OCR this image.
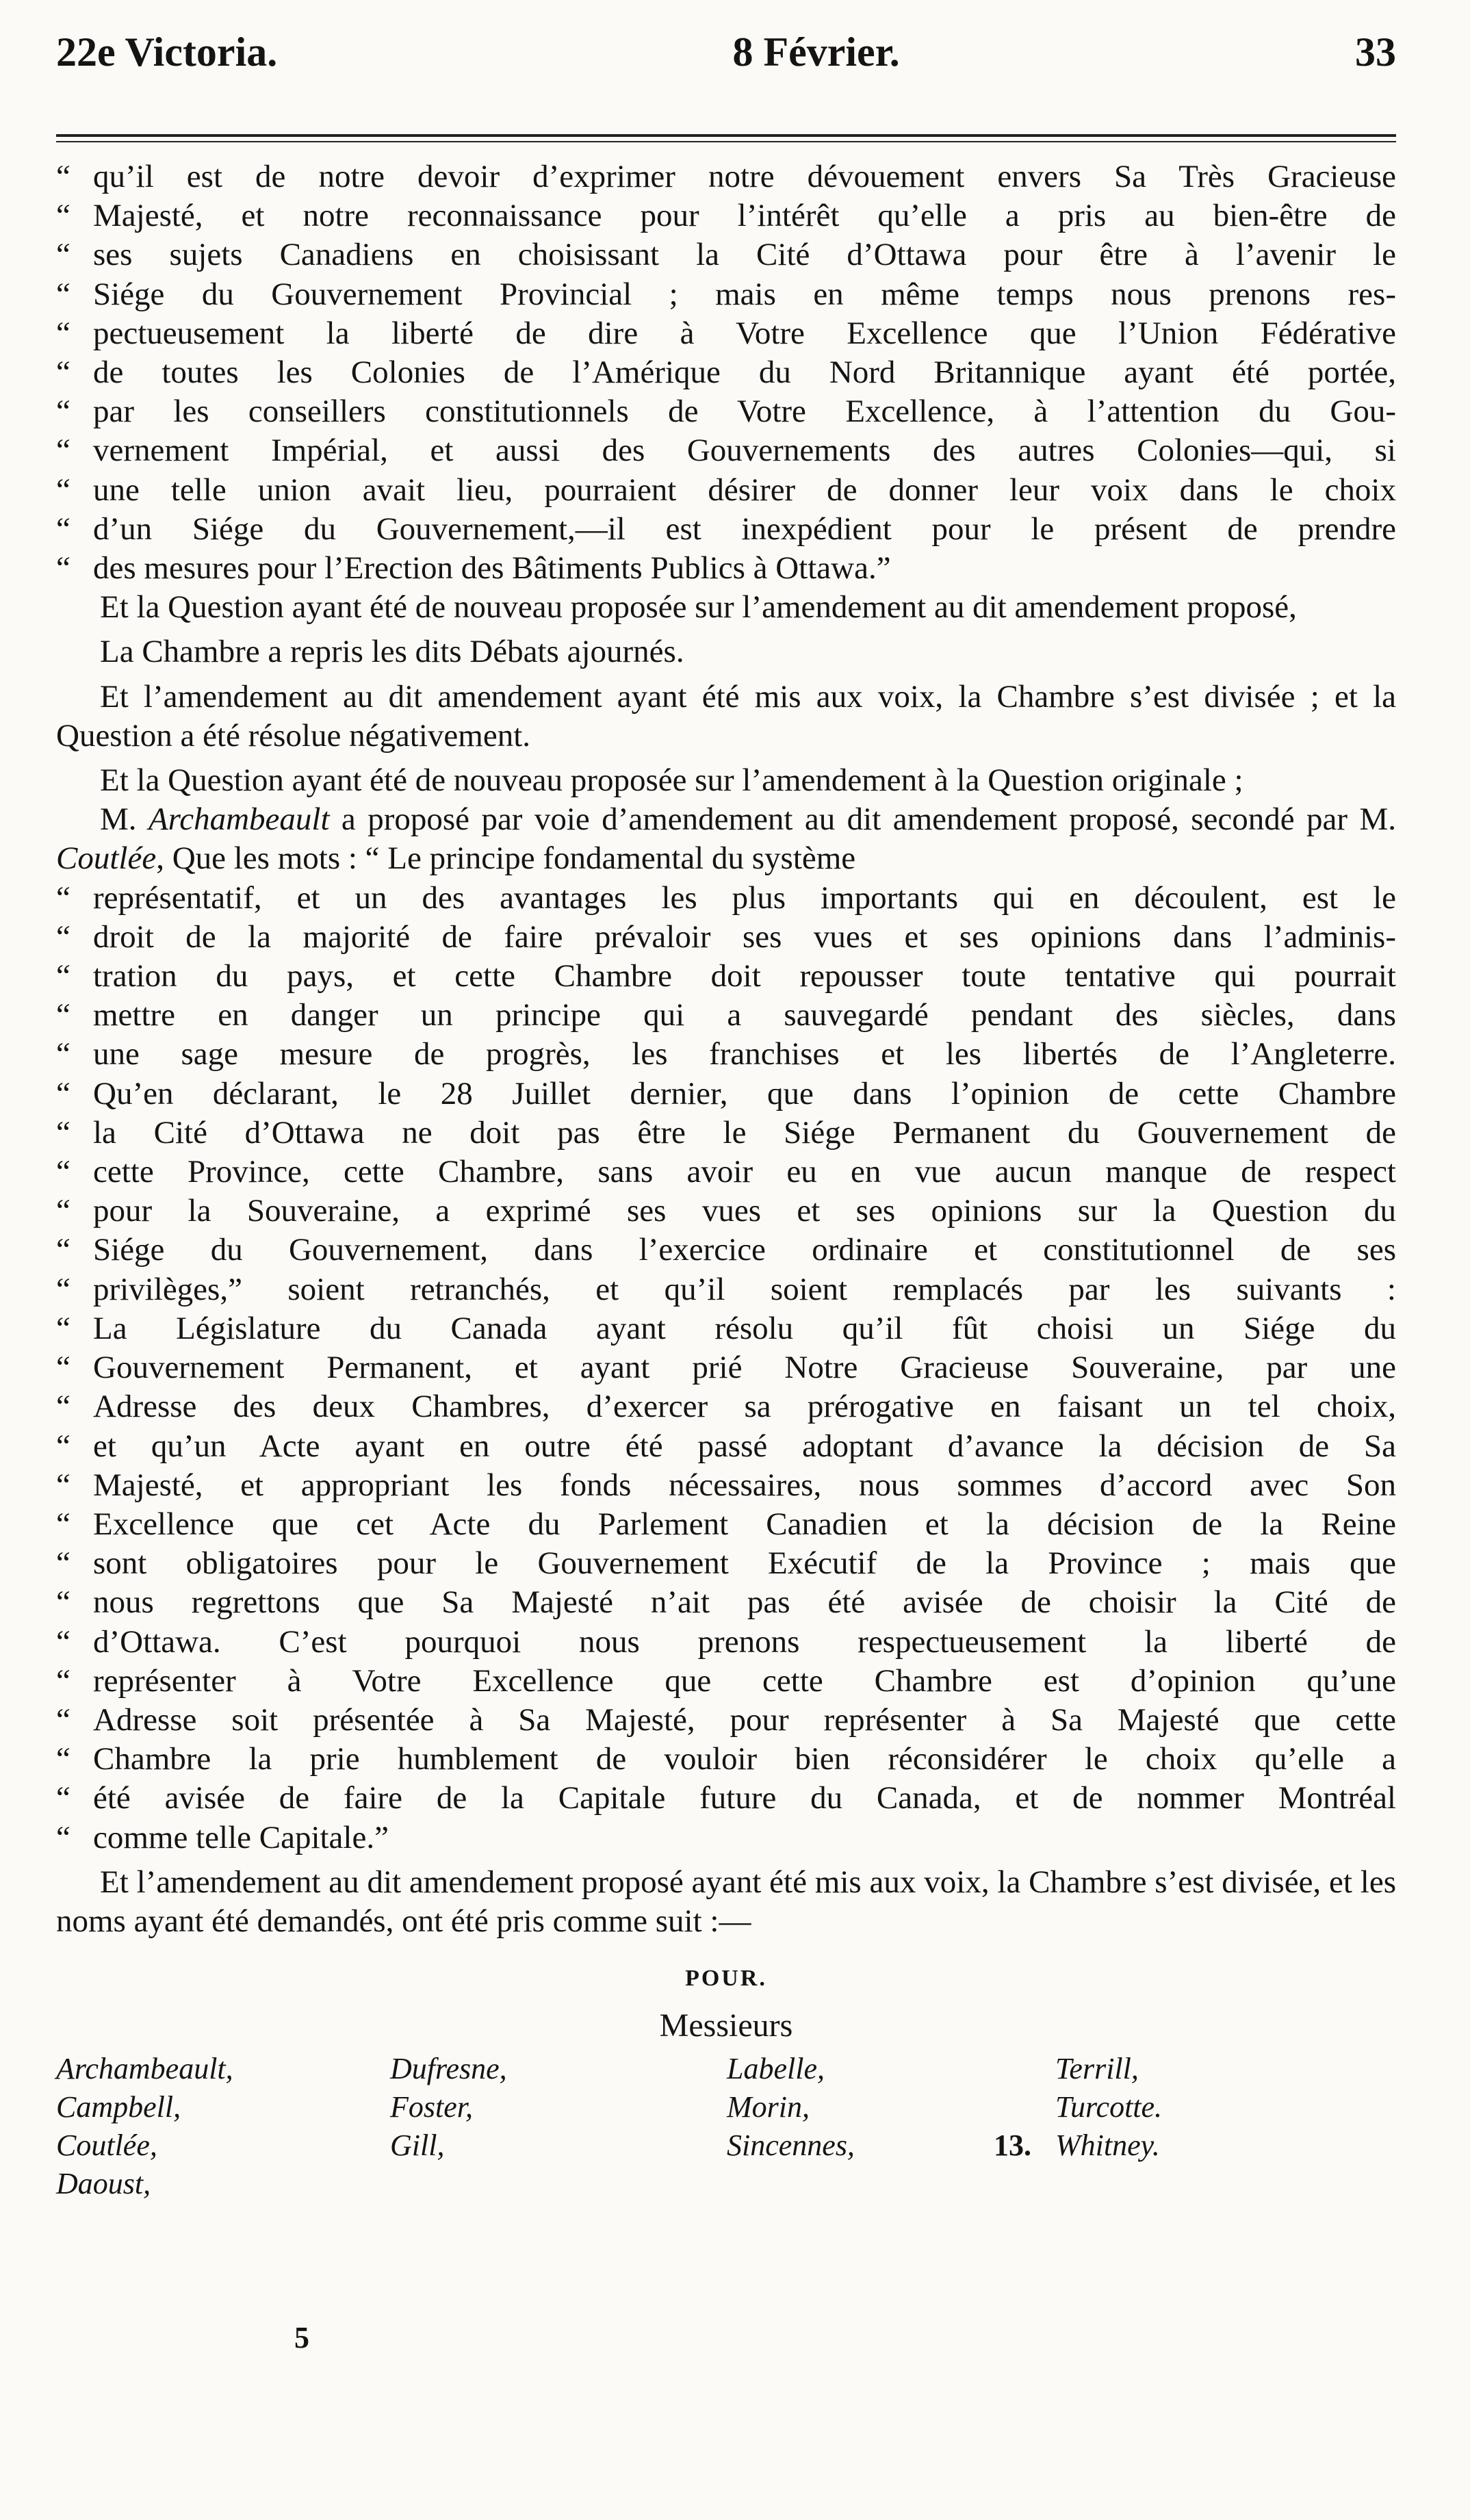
22e Victoria.	8 Février.	33
“ qu’il est de notre devoir d’exprimer notre dévouement envers Sa Très Gracieuse
“ Majesté, et notre reconnaissance pour l’intérêt qu’elle a pris au bien-être de
“ ses sujets Canadiens en choisissant la Cité d’Ottawa pour être à l’avenir le
“ Siége du Gouvernement Provincial ; mais en même temps nous prenons res-
“ pectueusement la liberté de dire à Votre Excellence que l’Union Fédérative
“ de toutes les Colonies de l’Amérique du Nord Britannique ayant été portée,
“ par les conseillers constitutionnels de Votre Excellence, à l’attention du Gou-
“ vernement Impérial, et aussi des Gouvernements des autres Colonies—qui, si
“ une telle union avait lieu, pourraient désirer de donner leur voix dans le choix
“ d’un Siége du Gouvernement,—il est inexpédient pour le présent de prendre
“ des mesures pour l’Erection des Bâtiments Publics à Ottawa.”
Et la Question ayant été de nouveau proposée sur l’amendement au dit amendement proposé,
La Chambre a repris les dits Débats ajournés.
Et l’amendement au dit amendement ayant été mis aux voix, la Chambre s’est divisée ; et la Question a été résolue négativement.
Et la Question ayant été de nouveau proposée sur l’amendement à la Question originale ;
M. Archambeault a proposé par voie d’amendement au dit amendement proposé, secondé par M. Coutlée, Que les mots : “ Le principe fondamental du système
“ représentatif, et un des avantages les plus importants qui en découlent, est le
“ droit de la majorité de faire prévaloir ses vues et ses opinions dans l’adminis-
“ tration du pays, et cette Chambre doit repousser toute tentative qui pourrait
“ mettre en danger un principe qui a sauvegardé pendant des siècles, dans
“ une sage mesure de progrès, les franchises et les libertés de l’Angleterre.
“ Qu’en déclarant, le 28 Juillet dernier, que dans l’opinion de cette Chambre
“ la Cité d’Ottawa ne doit pas être le Siége Permanent du Gouvernement de
“ cette Province, cette Chambre, sans avoir eu en vue aucun manque de respect
“ pour la Souveraine, a exprimé ses vues et ses opinions sur la Question du
“ Siége du Gouvernement, dans l’exercice ordinaire et constitutionnel de ses
“ privilèges,” soient retranchés, et qu’il soient remplacés par les suivants :
“ La Législature du Canada ayant résolu qu’il fût choisi un Siége du
“ Gouvernement Permanent, et ayant prié Notre Gracieuse Souveraine, par une
“ Adresse des deux Chambres, d’exercer sa prérogative en faisant un tel choix,
“ et qu’un Acte ayant en outre été passé adoptant d’avance la décision de Sa
“ Majesté, et appropriant les fonds nécessaires, nous sommes d’accord avec Son
“ Excellence que cet Acte du Parlement Canadien et la décision de la Reine
“ sont obligatoires pour le Gouvernement Exécutif de la Province ; mais que
“ nous regrettons que Sa Majesté n’ait pas été avisée de choisir la Cité de
“ d’Ottawa. C’est pourquoi nous prenons respectueusement la liberté de
“ représenter à Votre Excellence que cette Chambre est d’opinion qu’une
“ Adresse soit présentée à Sa Majesté, pour représenter à Sa Majesté que cette
“ Chambre la prie humblement de vouloir bien réconsidérer le choix qu’elle a
“ été avisée de faire de la Capitale future du Canada, et de nommer Montréal
“ comme telle Capitale.”
Et l’amendement au dit amendement proposé ayant été mis aux voix, la Chambre s’est divisée, et les noms ayant été demandés, ont été pris comme suit :—
POUR.
Messieurs
Archambeault,
Campbell,
Coutlée,
Daoust,
Dufresne,
Foster,
Gill,
Labelle,
Morin,
Sincennes,
Terrill,
Turcotte.
Whitney.
13.
5
